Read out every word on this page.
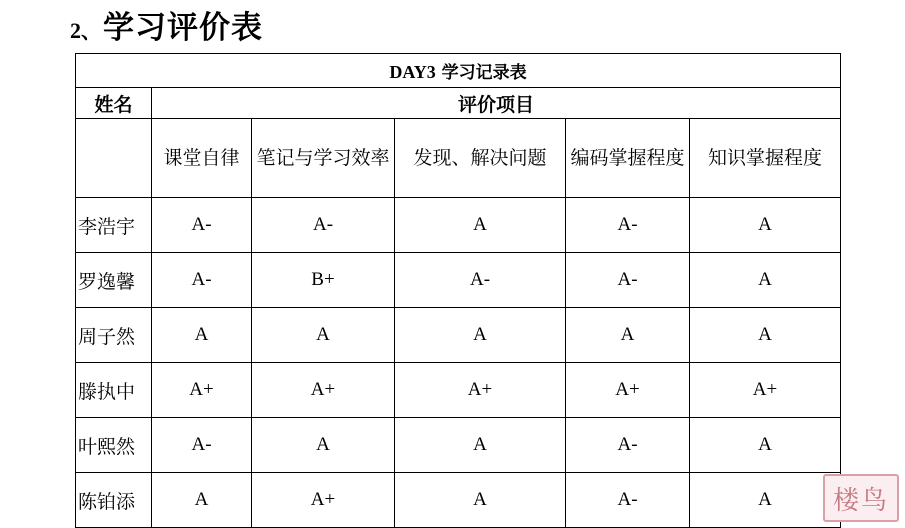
2 、 学习评价表
DAY3 学习记录表					
姓名	评价项目				
	课堂自律	笔记与学习效率	发现、解决问题	编码掌握程度	知识掌握程度
李浩宇	A-	A-	A	A-	A
罗逸馨	A-	B+	A-	A-	A
周子然	A	A	A	A	A
滕执中	A+	A+	A+	A+	A+
叶熙然	A-	A	A	A-	A
陈铂添	A	A+	A	A-	A 楼鸟
